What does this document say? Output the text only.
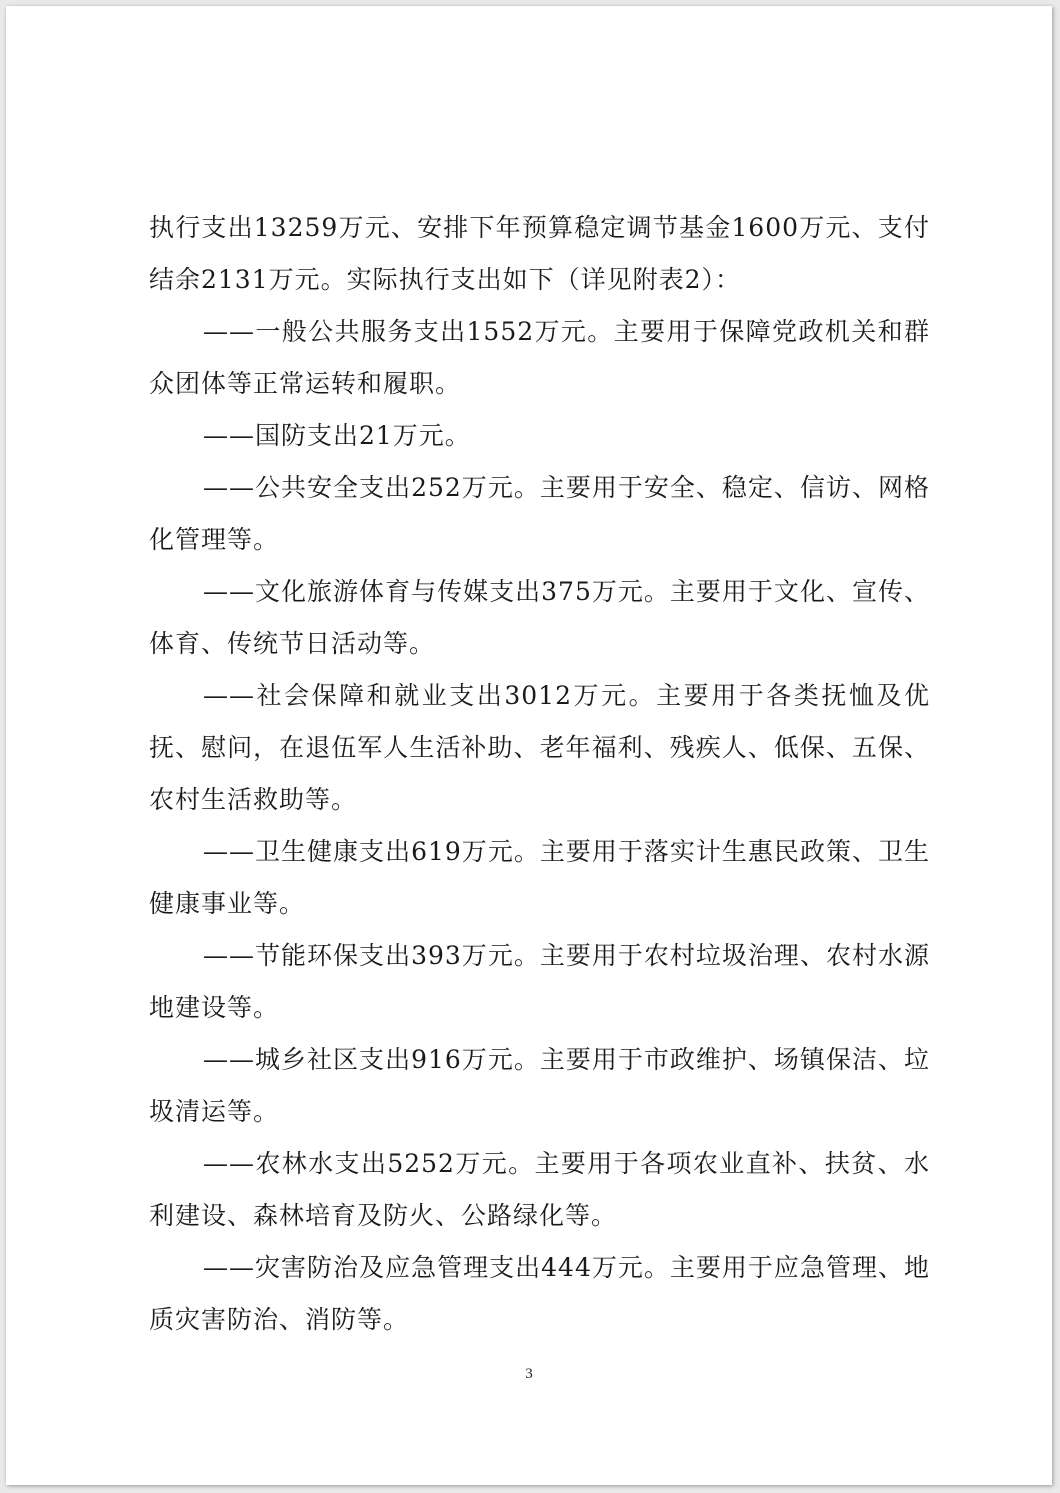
执行支出13259万元、安排下年预算稳定调节基金1600万元、支付结余2131万元。实际执行支出如下（详见附表2）：

——一般公共服务支出1552万元。主要用于保障党政机关和群众团体等正常运转和履职。

——国防支出21万元。

——公共安全支出252万元。主要用于安全、稳定、信访、网格化管理等。

——文化旅游体育与传媒支出375万元。主要用于文化、宣传、体育、传统节日活动等。

——社会保障和就业支出3012万元。主要用于各类抚恤及优抚、慰问，在退伍军人生活补助、老年福利、残疾人、低保、五保、农村生活救助等。

——卫生健康支出619万元。主要用于落实计生惠民政策、卫生健康事业等。

——节能环保支出393万元。主要用于农村垃圾治理、农村水源地建设等。

——城乡社区支出916万元。主要用于市政维护、场镇保洁、垃圾清运等。

——农林水支出5252万元。主要用于各项农业直补、扶贫、水利建设、森林培育及防火、公路绿化等。

——灾害防治及应急管理支出444万元。主要用于应急管理、地质灾害防治、消防等。

3
